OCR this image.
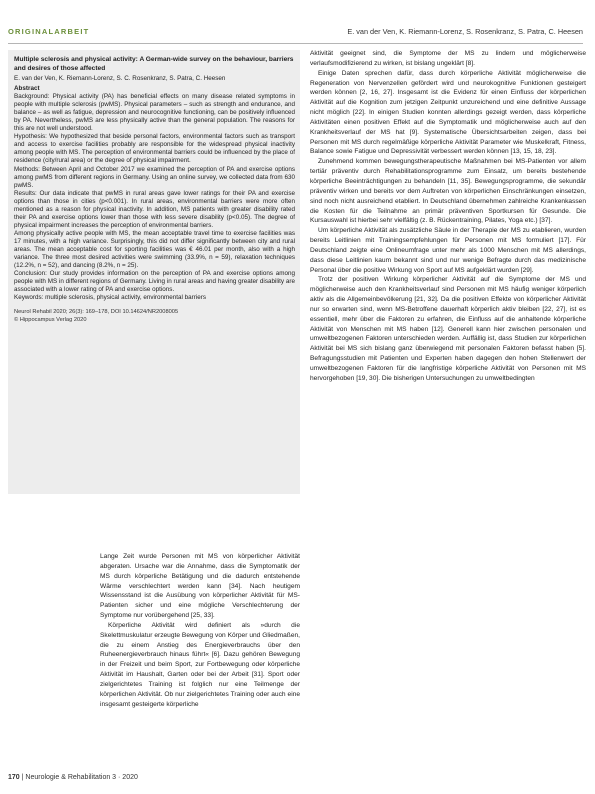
ORIGINALARBEIT	E. van der Ven, K. Riemann-Lorenz, S. Rosenkranz, S. Patra, C. Heesen
Multiple sclerosis and physical activity: A German-wide survey on the behaviour, barriers and desires of those affected
E. van der Ven, K. Riemann-Lorenz, S. C. Rosenkranz, S. Patra, C. Heesen
Abstract

Background: Physical activity (PA) has beneficial effects on many disease related symptoms in people with multiple sclerosis (pwMS). Physical parameters – such as strength and endurance, and balance – as well as fatigue, depression and neurocognitive functioning, can be positively influenced by PA. Nevertheless, pwMS are less physically active than the general population. The reasons for this are not well understood.

Hypothesis: We hypothesized that beside personal factors, environmental factors such as transport and access to exercise facilities probably are responsible for the widespread physical inactivity among people with MS. The perception of environmental barriers could be influenced by the place of residence (city/rural area) or the degree of physical impairment.

Methods: Between April and October 2017 we examined the perception of PA and exercise options among pwMS from different regions in Germany. Using an online survey, we collected data from 630 pwMS.

Results: Our data indicate that pwMS in rural areas gave lower ratings for their PA and exercise options than those in cities (p<0.001). In rural areas, environmental barriers were more often mentioned as a reason for physical inactivity. In addition, MS patients with greater disability rated their PA and exercise options lower than those with less severe disability (p<0.05). The degree of physical impairment increases the perception of environmental barriers.

Among physically active people with MS, the mean acceptable travel time to exercise facilities was 17 minutes, with a high variance. Surprisingly, this did not differ significantly between city and rural areas. The mean acceptable cost for sporting facilities was € 46.01 per month, also with a high variance. The three most desired activities were swimming (33.9%, n = 59), relaxation techniques (12.2%, n = 52), and dancing (8.2%, n = 25).

Conclusion: Our study provides information on the perception of PA and exercise options among people with MS in different regions of Germany. Living in rural areas and having greater disability are associated with a lower rating of PA and exercise options.

Keywords: multiple sclerosis, physical activity, environmental barriers
Neurol Rehabil 2020; 26(3): 169–178, DOI 10.14624/NR2008005
© Hippocampus Verlag 2020

Lange Zeit wurde Personen mit MS von körperlicher Aktivität abgeraten. Ursache war die Annahme, dass die Symptomatik der MS durch körperliche Betätigung und die dadurch entstehende Wärme verschlechtert werden kann [34]. Nach heutigem Wissensstand ist die Ausübung von körperlicher Aktivität für MS-Patienten sicher und eine mögliche Verschlechterung der Symptome nur vorübergehend [25, 33].

Körperliche Aktivität wird definiert als »durch die Skelettmuskulatur erzeugte Bewegung von Körper und Gliedmaßen, die zu einem Anstieg des Energieverbrauchs über den Ruheenergieverbrauch hinaus führt« [6]. Dazu gehören Bewegung in der Freizeit und beim Sport, zur Fortbewegung oder körperliche Aktivität im Haushalt, Garten oder bei der Arbeit [31]. Sport oder zielgerichtetes Training ist folglich nur eine Teilmenge der körperlichen Aktivität. Ob nur zielgerichtetes Training oder auch eine insgesamt gesteigerte körperliche

Aktivität geeignet sind, die Symptome der MS zu lindern und möglicherweise verlaufsmodifizierend zu wirken, ist bislang ungeklärt [8].

Einige Daten sprechen dafür, dass durch körperliche Aktivität möglicherweise die Regeneration von Nervenzellen gefördert wird und neurokognitive Funktionen gesteigert werden können [2, 16, 27]. Insgesamt ist die Evidenz für einen Einfluss der körperlichen Aktivität auf die Kognition zum jetzigen Zeitpunkt unzureichend und eine definitive Aussage nicht möglich [22]. In einigen Studien konnten allerdings gezeigt werden, dass körperliche Aktivitäten einen positiven Effekt auf die Symptomatik und möglicherweise auch auf den Krankheitsverlauf der MS hat [9]. Systematische Übersichtsarbeiten zeigen, dass bei Personen mit MS durch regelmäßige körperliche Aktivität Parameter wie Muskelkraft, Fitness, Balance sowie Fatigue und Depressivität verbessert werden können [13, 15, 18, 23].

Zunehmend kommen bewegungstherapeutische Maßnahmen bei MS-Patienten vor allem tertiär präventiv durch Rehabilitationsprogramme zum Einsatz, um bereits bestehende körperliche Beeinträchtigungen zu behandeln [11, 35]. Bewegungsprogramme, die sekundär präventiv wirken und bereits vor dem Auftreten von körperlichen Einschränkungen einsetzen, sind noch nicht ausreichend etabliert. In Deutschland übernehmen zahlreiche Krankenkassen die Kosten für die Teilnahme an primär präventiven Sportkursen für Gesunde. Die Kursauswahl ist hierbei sehr vielfältig (z. B. Rückentraining, Pilates, Yoga etc.) [37].

Um körperliche Aktivität als zusätzliche Säule in der Therapie der MS zu etablieren, wurden bereits Leitlinien mit Trainingsempfehlungen für Personen mit MS formuliert [17]. Für Deutschland zeigte eine Onlineumfrage unter mehr als 1000 Menschen mit MS allerdings, dass diese Leitlinien kaum bekannt sind und nur wenige Befragte durch das medizinische Personal über die positive Wirkung von Sport auf MS aufgeklärt wurden [29].

Trotz der positiven Wirkung körperlicher Aktivität auf die Symptome der MS und möglicherweise auch den Krankheitsverlauf sind Personen mit MS häufig weniger körperlich aktiv als die Allgemeinbevölkerung [21, 32]. Da die positiven Effekte von körperlicher Aktivität nur so erwarten sind, wenn MS-Betroffene dauerhaft körperlich aktiv bleiben [22, 27], ist es essentiell, mehr über die Faktoren zu erfahren, die Einfluss auf die anhaltende körperliche Aktivität von Menschen mit MS haben [12]. Generell kann hier zwischen personalen und umweltbezogenen Faktoren unterschieden werden. Auffällig ist, dass Studien zur körperlichen Aktivität bei MS sich bislang ganz überwiegend mit personalen Faktoren befasst haben [5]. Befragungsstudien mit Patienten und Experten haben dagegen den hohen Stellenwert der umweltbezogenen Faktoren für die langfristige körperliche Aktivität von Personen mit MS hervorgehoben [19, 30]. Die bisherigen Untersuchungen zu umweltbedingten

170 | Neurologie & Rehabilitation 3 · 2020
